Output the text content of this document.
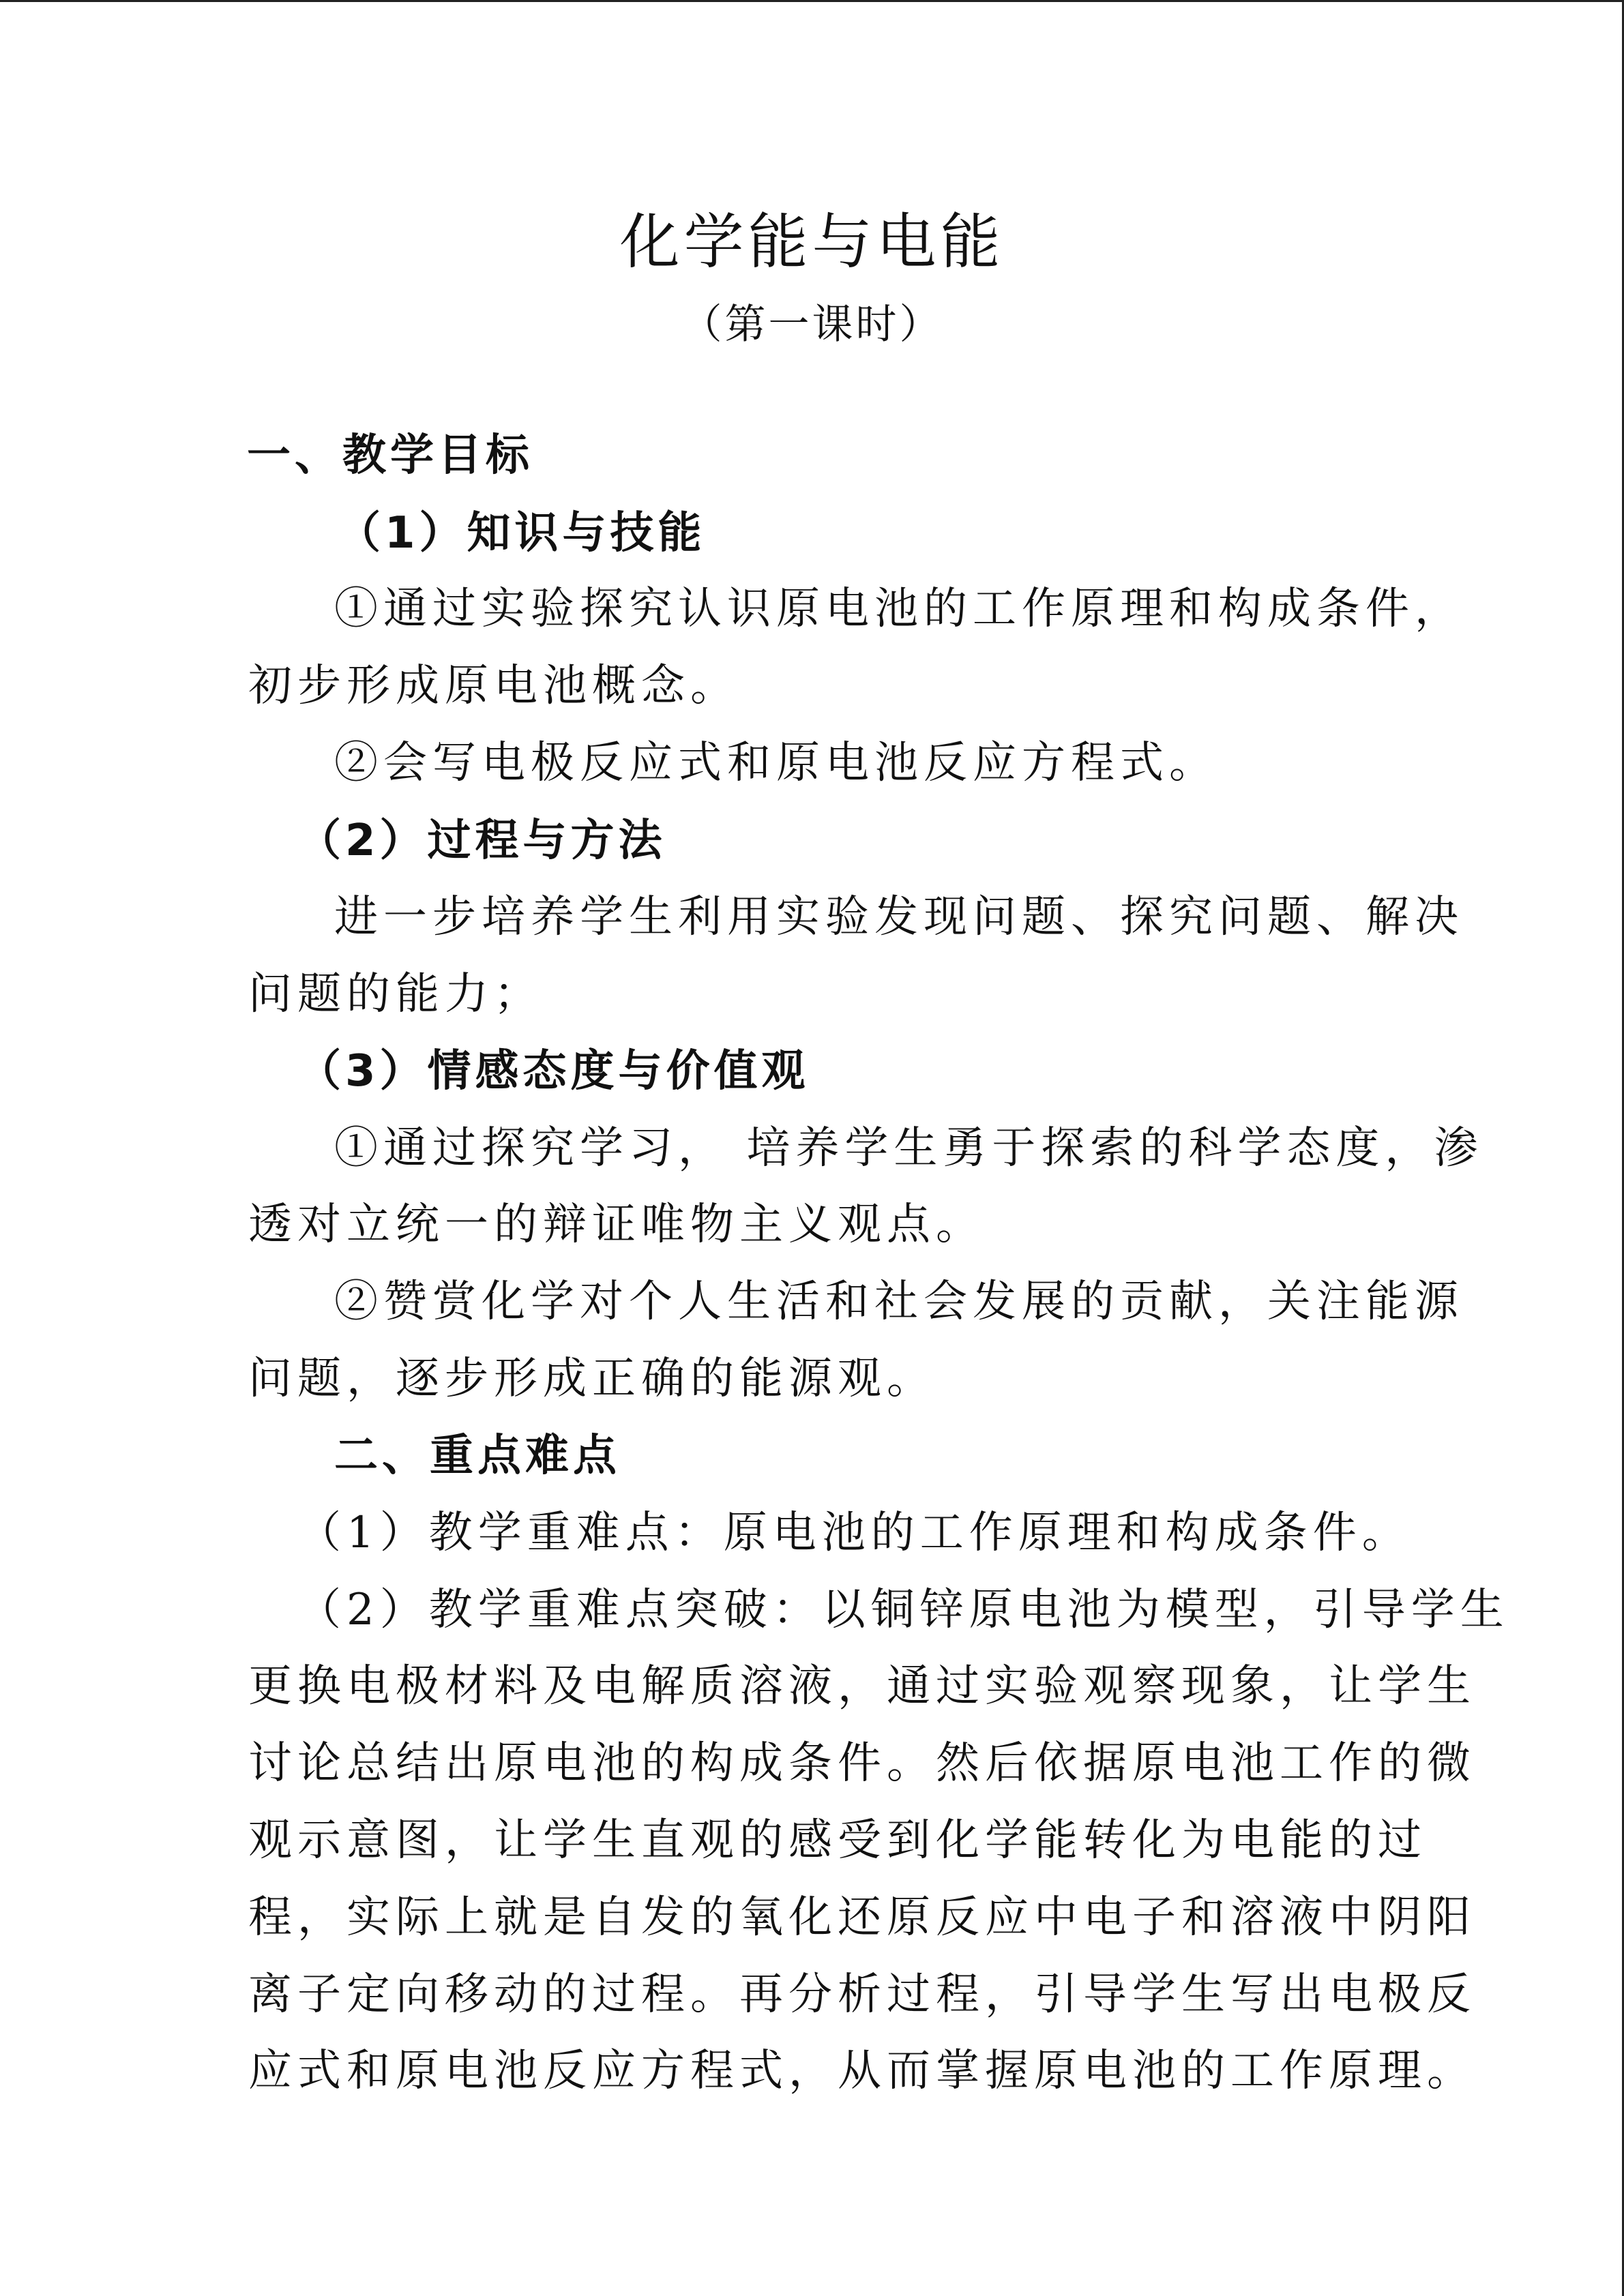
化学能与电能
（第一课时）
一、教学目标
（1）知识与技能
①通过实验探究认识原电池的工作原理和构成条件，
初步形成原电池概念。
②会写电极反应式和原电池反应方程式。
（2）过程与方法
进一步培养学生利用实验发现问题、探究问题、解决
问题的能力；
（3）情感态度与价值观
①通过探究学习， 培养学生勇于探索的科学态度，渗
透对立统一的辩证唯物主义观点。
②赞赏化学对个人生活和社会发展的贡献，关注能源
问题，逐步形成正确的能源观。
二、重点难点
（1）教学重难点：原电池的工作原理和构成条件。
（2）教学重难点突破：以铜锌原电池为模型，引导学生
更换电极材料及电解质溶液，通过实验观察现象，让学生
讨论总结出原电池的构成条件。然后依据原电池工作的微
观示意图，让学生直观的感受到化学能转化为电能的过
程，实际上就是自发的氧化还原反应中电子和溶液中阴阳
离子定向移动的过程。再分析过程，引导学生写出电极反
应式和原电池反应方程式，从而掌握原电池的工作原理。
